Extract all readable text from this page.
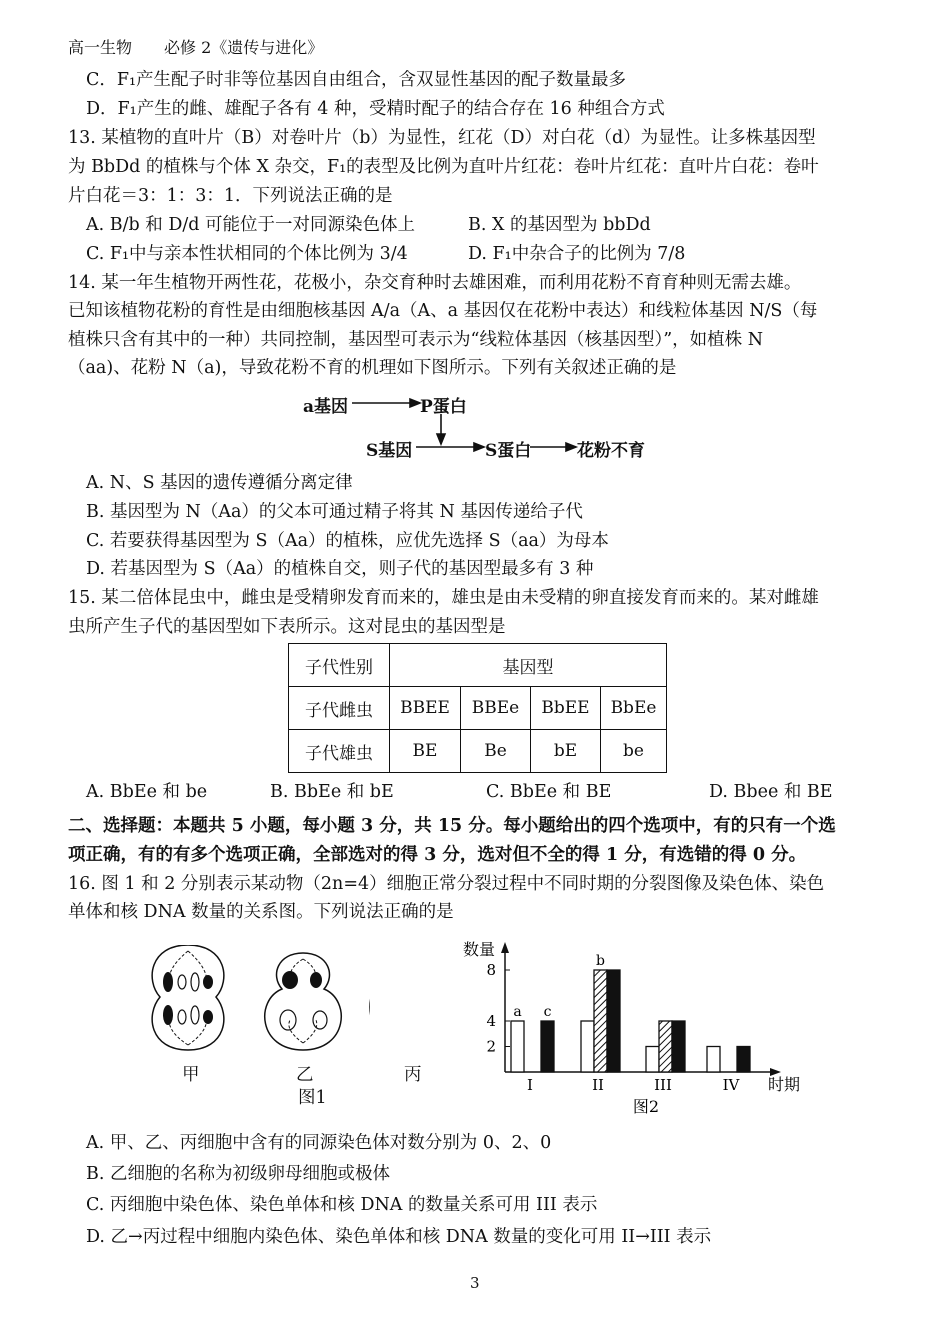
高一生物　　必修 2《遗传与进化》
C．F₁产生配子时非等位基因自由组合，含双显性基因的配子数量最多
D．F₁产生的雌、雄配子各有 4 种，受精时配子的结合存在 16 种组合方式
13. 某植物的直叶片（B）对卷叶片（b）为显性，红花（D）对白花（d）为显性。让多株基因型
为 BbDd 的植株与个体 X 杂交，F₁的表型及比例为直叶片红花：卷叶片红花：直叶片白花：卷叶
片白花＝3：1：3：1．下列说法正确的是
A. B/b 和 D/d 可能位于一对同源染色体上	B. X 的基因型为 bbDd
C. F₁中与亲本性状相同的个体比例为 3/4	D. F₁中杂合子的比例为 7/8
14. 某一年生植物开两性花，花极小，杂交育种时去雄困难，而利用花粉不育育种则无需去雄。
已知该植物花粉的育性是由细胞核基因 A/a（A、a 基因仅在花粉中表达）和线粒体基因 N/S（每
植株只含有其中的一种）共同控制，基因型可表示为“线粒体基因（核基因型）”，如植株 N
（aa)、花粉 N（a)，导致花粉不育的机理如下图所示。下列有关叙述正确的是
a基因	P蛋白
S基因	S蛋白	花粉不育
A. N、S 基因的遗传遵循分离定律
B. 基因型为 N（Aa）的父本可通过精子将其 N 基因传递给子代
C. 若要获得基因型为 S（Aa）的植株，应优先选择 S（aa）为母本
D. 若基因型为 S（Aa）的植株自交，则子代的基因型最多有 3 种
15. 某二倍体昆虫中，雌虫是受精卵发育而来的，雄虫是由未受精的卵直接发育而来的。某对雌雄
虫所产生子代的基因型如下表所示。这对昆虫的基因型是
子代性别	基因型			
子代雌虫	BBEE	BBEe	BbEE	BbEe
子代雄虫	BE	Be	bE	be
A. BbEe 和 be	B. BbEe 和 bE	C. BbEe 和 BE	D. Bbee 和 BE
二、选择题：本题共 5 小题，每小题 3 分，共 15 分。每小题给出的四个选项中，有的只有一个选
项正确，有的有多个选项正确，全部选对的得 3 分，选对但不全的得 1 分，有选错的得 0 分。
16. 图 1 和 2 分别表示某动物（2n=4）细胞正常分裂过程中不同时期的分裂图像及染色体、染色
单体和核 DNA 数量的关系图。下列说法正确的是
甲	乙	丙
图1
数量
时期
图2
2
4
8
a c
I
b
II	III	IV
A. 甲、乙、丙细胞中含有的同源染色体对数分别为 0、2、0
B. 乙细胞的名称为初级卵母细胞或极体
C. 丙细胞中染色体、染色单体和核 DNA 的数量关系可用 III 表示
D. 乙→丙过程中细胞内染色体、染色单体和核 DNA 数量的变化可用 II→III 表示
3
